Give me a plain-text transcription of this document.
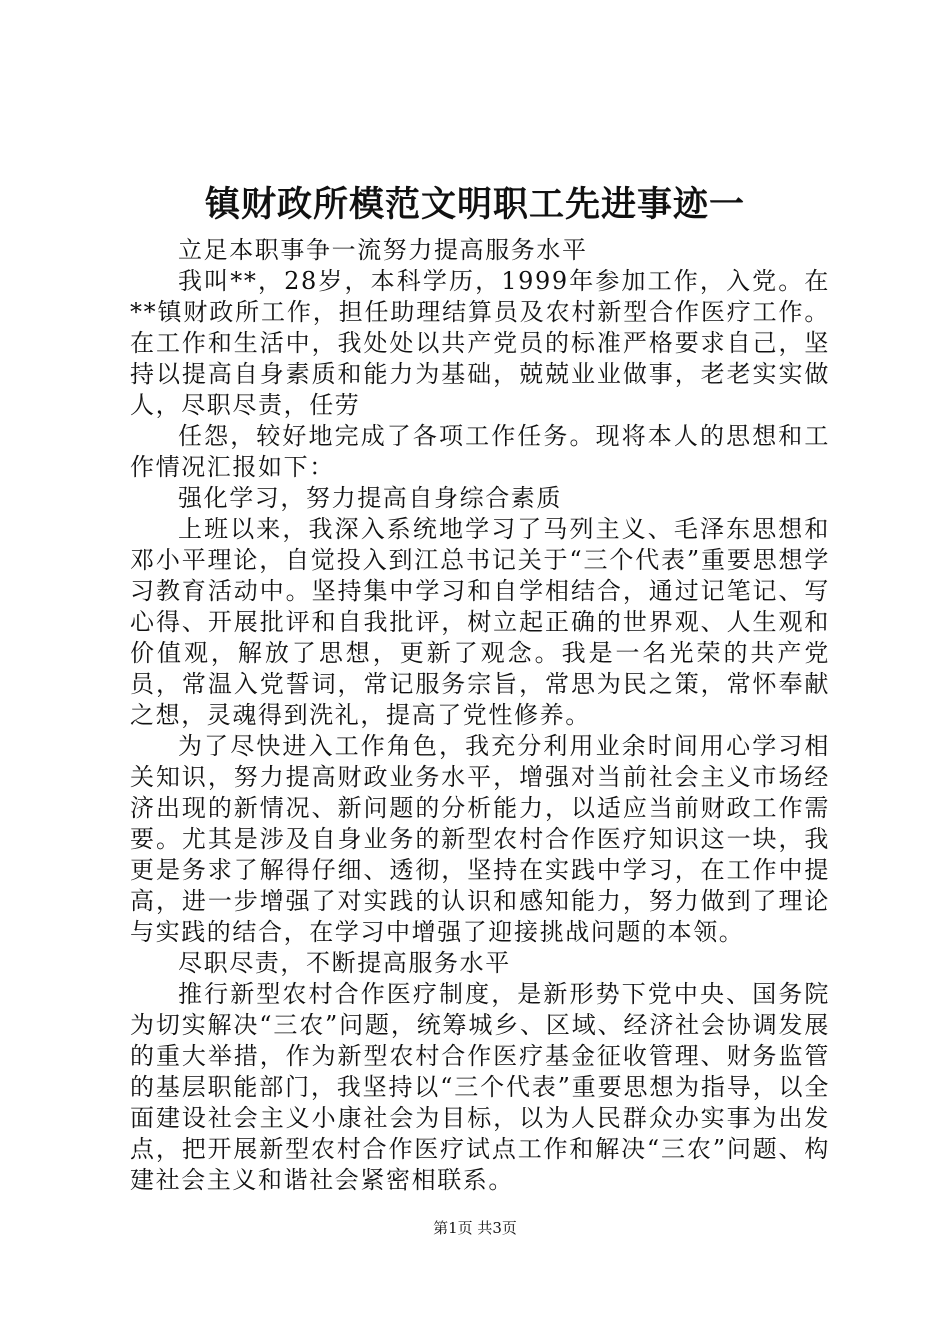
镇财政所模范文明职工先进事迹一

立足本职事争一流努力提高服务水平

我叫**，28岁，本科学历，1999年参加工作，入党。在**镇财政所工作，担任助理结算员及农村新型合作医疗工作。在工作和生活中，我处处以共产党员的标准严格要求自己，坚持以提高自身素质和能力为基础，兢兢业业做事，老老实实做人，尽职尽责，任劳

任怨，较好地完成了各项工作任务。现将本人的思想和工作情况汇报如下：

强化学习，努力提高自身综合素质

上班以来，我深入系统地学习了马列主义、毛泽东思想和邓小平理论，自觉投入到江总书记关于“三个代表”重要思想学习教育活动中。坚持集中学习和自学相结合，通过记笔记、写心得、开展批评和自我批评，树立起正确的世界观、人生观和价值观，解放了思想，更新了观念。我是一名光荣的共产党员，常温入党誓词，常记服务宗旨，常思为民之策，常怀奉献之想，灵魂得到洗礼，提高了党性修养。

为了尽快进入工作角色，我充分利用业余时间用心学习相关知识，努力提高财政业务水平，增强对当前社会主义市场经济出现的新情况、新问题的分析能力，以适应当前财政工作需要。尤其是涉及自身业务的新型农村合作医疗知识这一块，我更是务求了解得仔细、透彻，坚持在实践中学习，在工作中提高，进一步增强了对实践的认识和感知能力，努力做到了理论与实践的结合，在学习中增强了迎接挑战问题的本领。

尽职尽责，不断提高服务水平

推行新型农村合作医疗制度，是新形势下党中央、国务院为切实解决“三农”问题，统筹城乡、区域、经济社会协调发展的重大举措，作为新型农村合作医疗基金征收管理、财务监管的基层职能部门，我坚持以“三个代表”重要思想为指导，以全面建设社会主义小康社会为目标，以为人民群众办实事为出发点，把开展新型农村合作医疗试点工作和解决“三农”问题、构建社会主义和谐社会紧密相联系。

第1页 共3页
